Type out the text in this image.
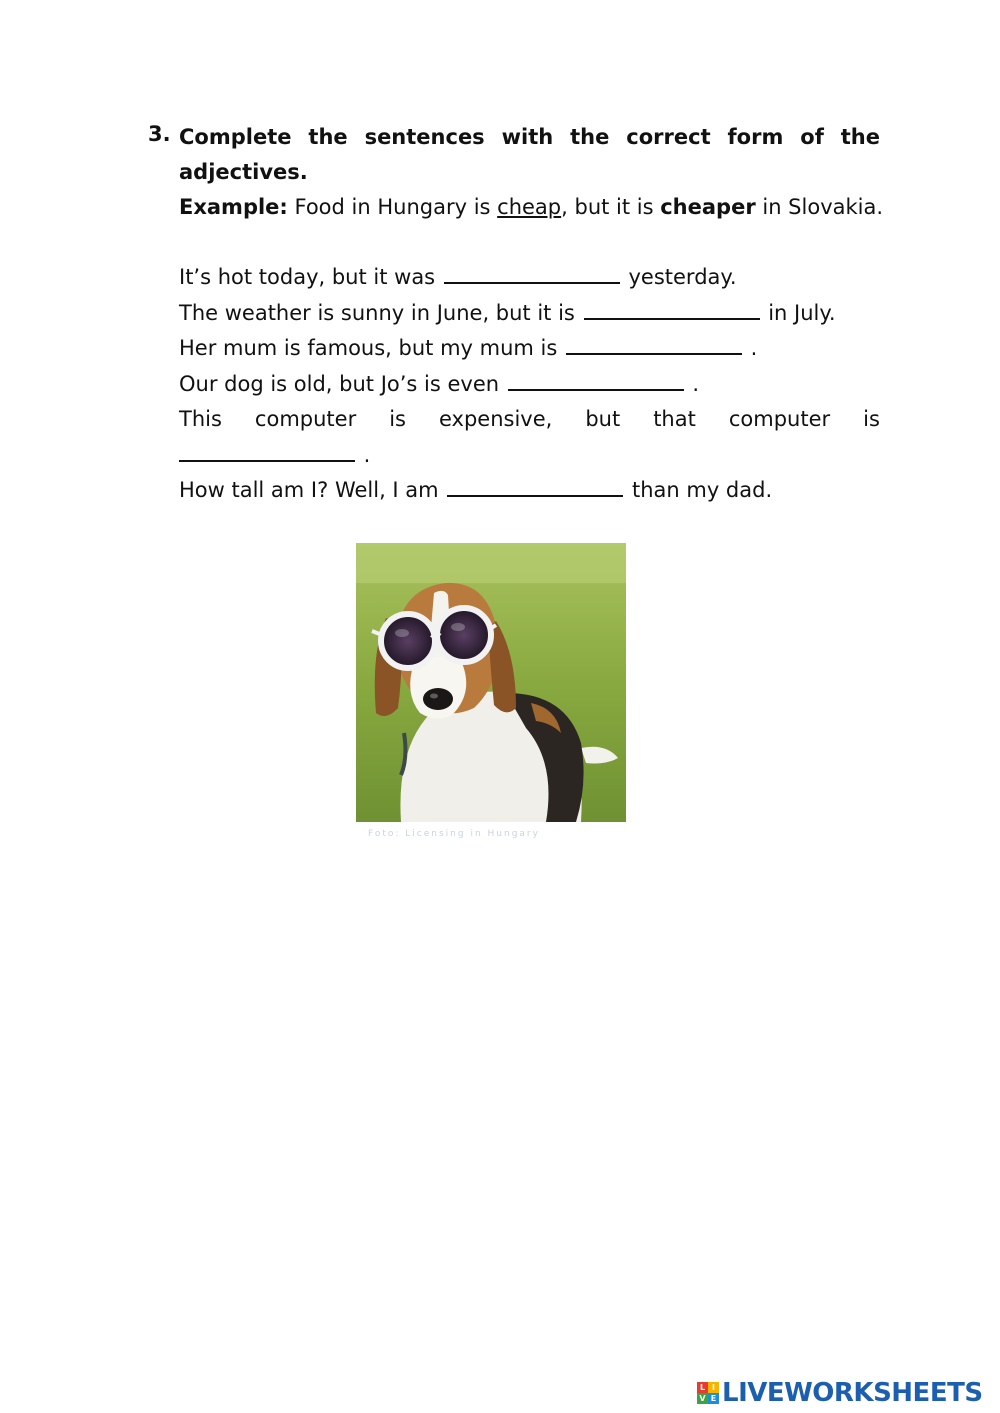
3. Complete the sentences with the correct form of the
adjectives.
Example: Food in Hungary is cheap, but it is cheaper in Slovakia.
It’s hot today, but it was	yesterday.
The weather is sunny in June, but it is	in July.
Her mum is famous, but my mum is	.
Our dog is old, but Jo’s is even	.
This computer is expensive, but that computer is
.
How tall am I? Well, I am	than my dad.
Foto: Licensing in Hungary
L I
V E LIVEWORKSHEETS
